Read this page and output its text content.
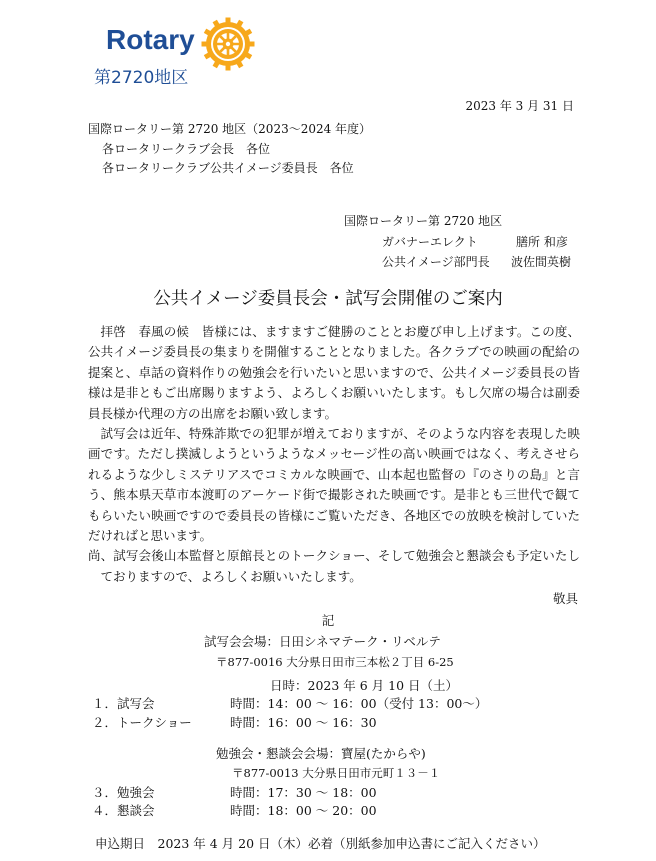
Rotary
第2720地区
2023 年 3 月 31 日
国際ロータリー第 2720 地区（2023～2024 年度）
各ロータリークラブ会長　各位
各ロータリークラブ公共イメージ委員長　各位
国際ロータリー第 2720 地区
ガバナーエレクト	膳所 和彦
公共イメージ部門長 波佐間英樹
公共イメージ委員長会・試写会開催のご案内

拝啓　春風の候　皆様には、ますますご健勝のこととお慶び申し上げます。この度、公共イメージ委員長の集まりを開催することとなりました。各クラブでの映画の配給の提案と、卓話の資料作りの勉強会を行いたいと思いますので、公共イメージ委員長の皆様は是非ともご出席賜りますよう、よろしくお願いいたします。もし欠席の場合は副委員長様か代理の方の出席をお願い致します。

試写会は近年、特殊詐欺での犯罪が増えておりますが、そのような内容を表現した映画です。ただし撲滅しようというようなメッセージ性の高い映画ではなく、考えさせられるような少しミステリアスでコミカルな映画で、山本起也監督の『のさりの島』と言う、熊本県天草市本渡町のアーケード街で撮影された映画です。是非とも三世代で観てもらいたい映画ですので委員長の皆様にご覧いただき、各地区での放映を検討していただければと思います。

尚、試写会後山本監督と原館長とのトークショー、そして勉強会と懇談会も予定いたしておりますので、よろしくお願いいたします。

敬具
記
試写会会場：日田シネマテーク・リベルテ
〒877-0016 大分県日田市三本松２丁目 6-25
日時：2023 年 6 月 10 日（土）
１．試写会	時間：14：00 ～ 16：00（受付 13：00～）
２．トークショー	時間：16：00 ～ 16：30
勉強会・懇談会会場：寶屋(たからや)
〒877-0013 大分県日田市元町１３－１
３．勉強会	時間：17：30 ～ 18：00
４．懇談会	時間：18：00 ～ 20：00
申込期日　2023 年 4 月 20 日（木）必着（別紙参加申込書にご記入ください）
